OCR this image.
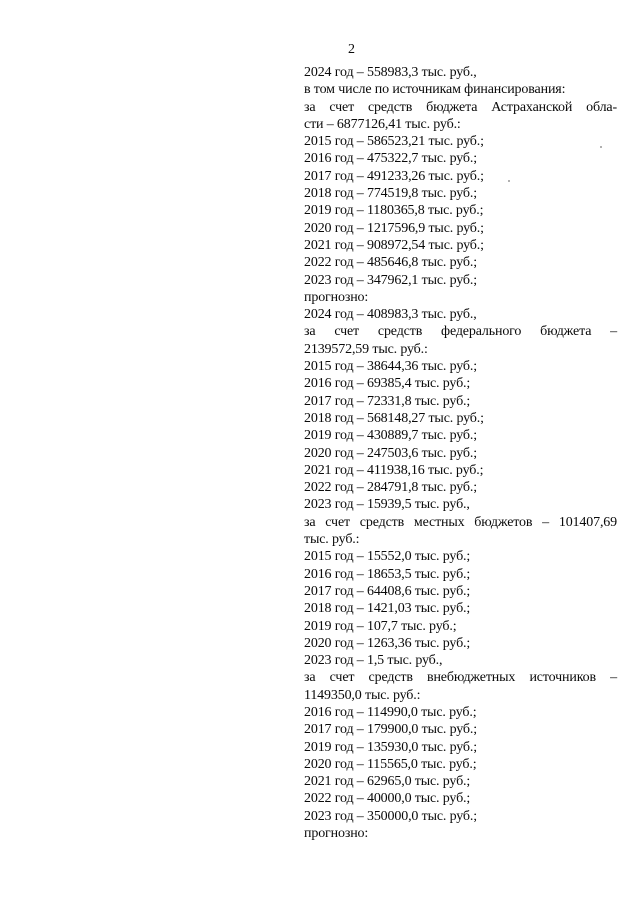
2
2024 год – 558983,3 тыс. руб.,
в том числе по источникам финансирования:
за счет средств бюджета Астраханской обла-
сти – 6877126,41 тыс. руб.:
2015 год – 586523,21 тыс. руб.;
2016 год – 475322,7 тыс. руб.;
2017 год – 491233,26 тыс. руб.;
2018 год – 774519,8 тыс. руб.;
2019 год – 1180365,8 тыс. руб.;
2020 год – 1217596,9 тыс. руб.;
2021 год – 908972,54 тыс. руб.;
2022 год – 485646,8 тыс. руб.;
2023 год – 347962,1 тыс. руб.;
прогнозно:
2024 год – 408983,3 тыс. руб.,
за счет средств федерального бюджета –
2139572,59 тыс. руб.:
2015 год – 38644,36 тыс. руб.;
2016 год – 69385,4 тыс. руб.;
2017 год – 72331,8 тыс. руб.;
2018 год – 568148,27 тыс. руб.;
2019 год – 430889,7 тыс. руб.;
2020 год – 247503,6 тыс. руб.;
2021 год – 411938,16 тыс. руб.;
2022 год – 284791,8 тыс. руб.;
2023 год – 15939,5 тыс. руб.,
за счет средств местных бюджетов – 101407,69
тыс. руб.:
2015 год – 15552,0 тыс. руб.;
2016 год – 18653,5 тыс. руб.;
2017 год – 64408,6 тыс. руб.;
2018 год – 1421,03 тыс. руб.;
2019 год – 107,7 тыс. руб.;
2020 год – 1263,36 тыс. руб.;
2023 год – 1,5 тыс. руб.,
за счет средств внебюджетных источников –
1149350,0 тыс. руб.:
2016 год – 114990,0 тыс. руб.;
2017 год – 179900,0 тыс. руб.;
2019 год – 135930,0 тыс. руб.;
2020 год – 115565,0 тыс. руб.;
2021 год – 62965,0 тыс. руб.;
2022 год – 40000,0 тыс. руб.;
2023 год – 350000,0 тыс. руб.;
прогнозно:
